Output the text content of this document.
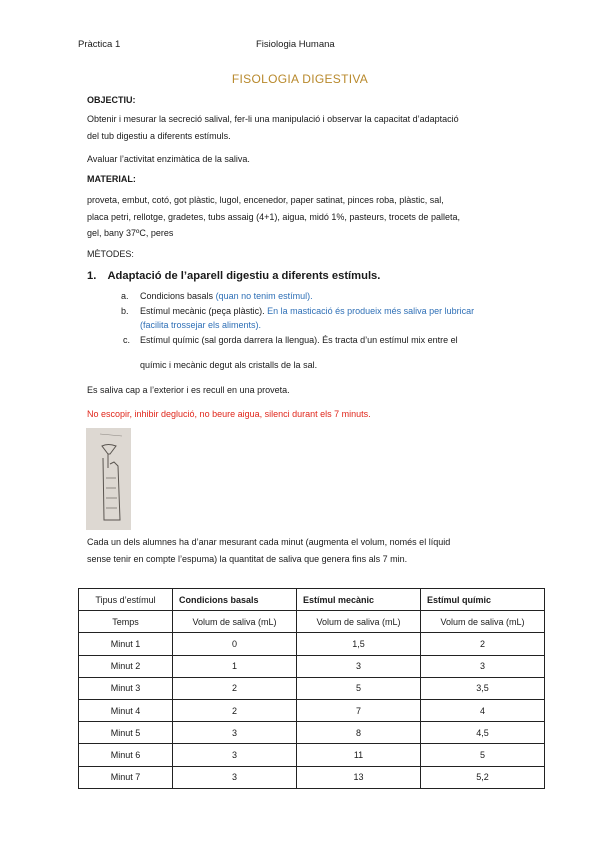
Pràctica 1	Fisiologia Humana
FISOLOGIA DIGESTIVA
OBJECTIU:
Obtenir i mesurar la secreció salival, fer-li una manipulació i observar la capacitat d’adaptació
del tub digestiu a diferents estímuls.
Avaluar l’activitat enzimàtica de la saliva.
MATERIAL:
proveta, embut, cotó, got plàstic, lugol, encenedor, paper satinat, pinces roba, plàstic, sal,
placa petri, rellotge, gradetes, tubs assaig (4+1), aigua, midó 1%, pasteurs, trocets de palleta,
gel, bany 37ºC, peres
MÈTODES:
1. Adaptació de l’aparell digestiu a diferents estímuls.
a. Condicions basals (quan no tenim estímul).
b. Estímul mecànic (peça plàstic). En la masticació és produeix més saliva per lubricar
(facilita trossejar els aliments).
c. Estímul químic (sal gorda darrera la llengua). És tracta d’un estímul mix entre el
químic i mecànic degut als cristalls de la sal.
Es saliva cap a l’exterior i es recull en una proveta.
No escopir, inhibir deglució, no beure aigua, silenci durant els 7 minuts.
Cada un dels alumnes ha d’anar mesurant cada minut (augmenta el volum, només el líquid
sense tenir en compte l’espuma) la quantitat de saliva que genera fins als 7 min.
Tipus d’estímul	Condicions basals	Estímul mecànic	Estímul químic
Temps	Volum de saliva (mL)	Volum de saliva (mL)	Volum de saliva (mL)
Minut 1	0	1,5	2
Minut 2	1	3	3
Minut 3	2	5	3,5
Minut 4	2	7	4
Minut 5	3	8	4,5
Minut 6	3	11	5
Minut 7	3	13	5,2
